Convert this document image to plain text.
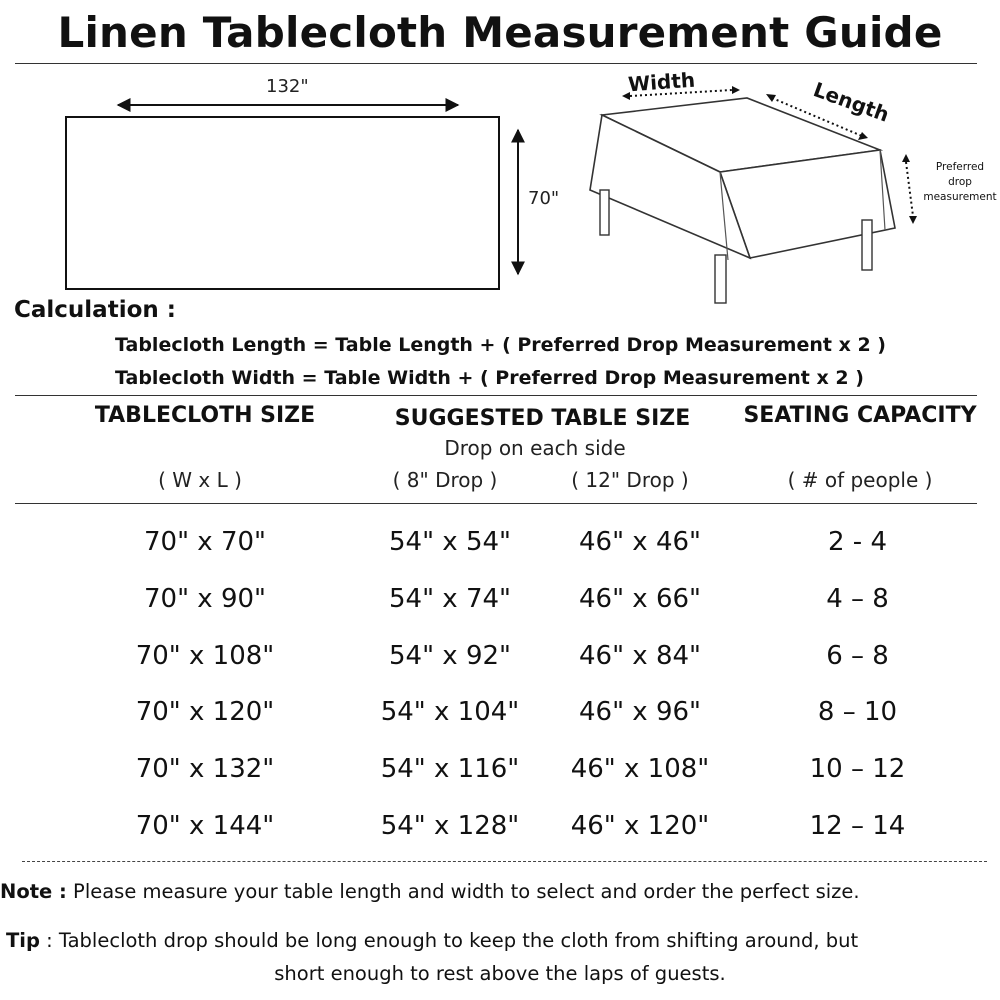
Linen Tablecloth Measurement Guide
132"
70"
Width	Length
Preferred
drop
measurement
Calculation :
Tablecloth Length = Table Length + ( Preferred Drop Measurement x 2 )
Tablecloth Width = Table Width + ( Preferred Drop Measurement x 2 )
TABLECLOTH SIZE	SUGGESTED TABLE SIZE	SEATING CAPACITY
Drop on each side
( W x L )	( 8" Drop )	( 12" Drop )	( # of people )
70" x 70"	54" x 54"	46" x 46"	2 - 4
70" x 90"	54" x 74"	46" x 66"	4 – 8
70" x 108"	54" x 92"	46" x 84"	6 – 8
70" x 120"	54" x 104"	46" x 96"	8 – 10
70" x 132"	54" x 116"	46" x 108"	10 – 12
70" x 144"	54" x 128"	46" x 120"	12 – 14
Note : Please measure your table length and width to select and order the perfect size.
Tip : Tablecloth drop should be long enough to keep the cloth from shifting around, but
short enough to rest above the laps of guests.
